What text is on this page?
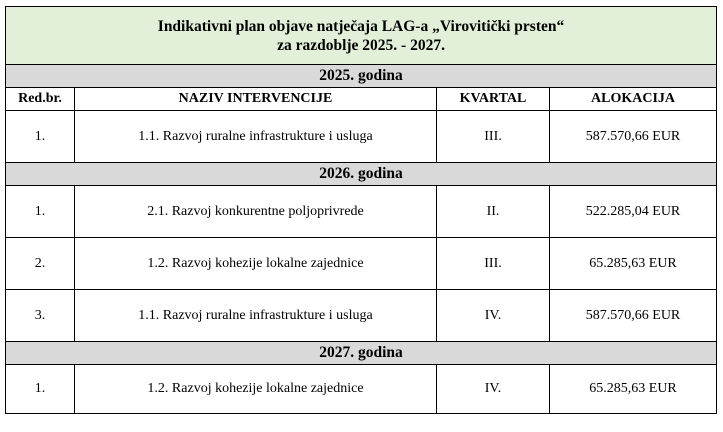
Indikativni plan objave natječaja LAG-a „Virovitički prsten“
za razdoblje 2025. - 2027.			

2025. godina			
Red.br.	NAZIV INTERVENCIJE	KVARTAL	ALOKACIJA
1.	1.1. Razvoj ruralne infrastrukture i usluga	III.	587.570,66 EUR
2026. godina			
1.	2.1. Razvoj konkurentne poljoprivrede	II.	522.285,04 EUR
2.	1.2. Razvoj kohezije lokalne zajednice	III.	65.285,63 EUR
3.	1.1. Razvoj ruralne infrastrukture i usluga	IV.	587.570,66 EUR
2027. godina			
1.	1.2. Razvoj kohezije lokalne zajednice	IV.	65.285,63 EUR
